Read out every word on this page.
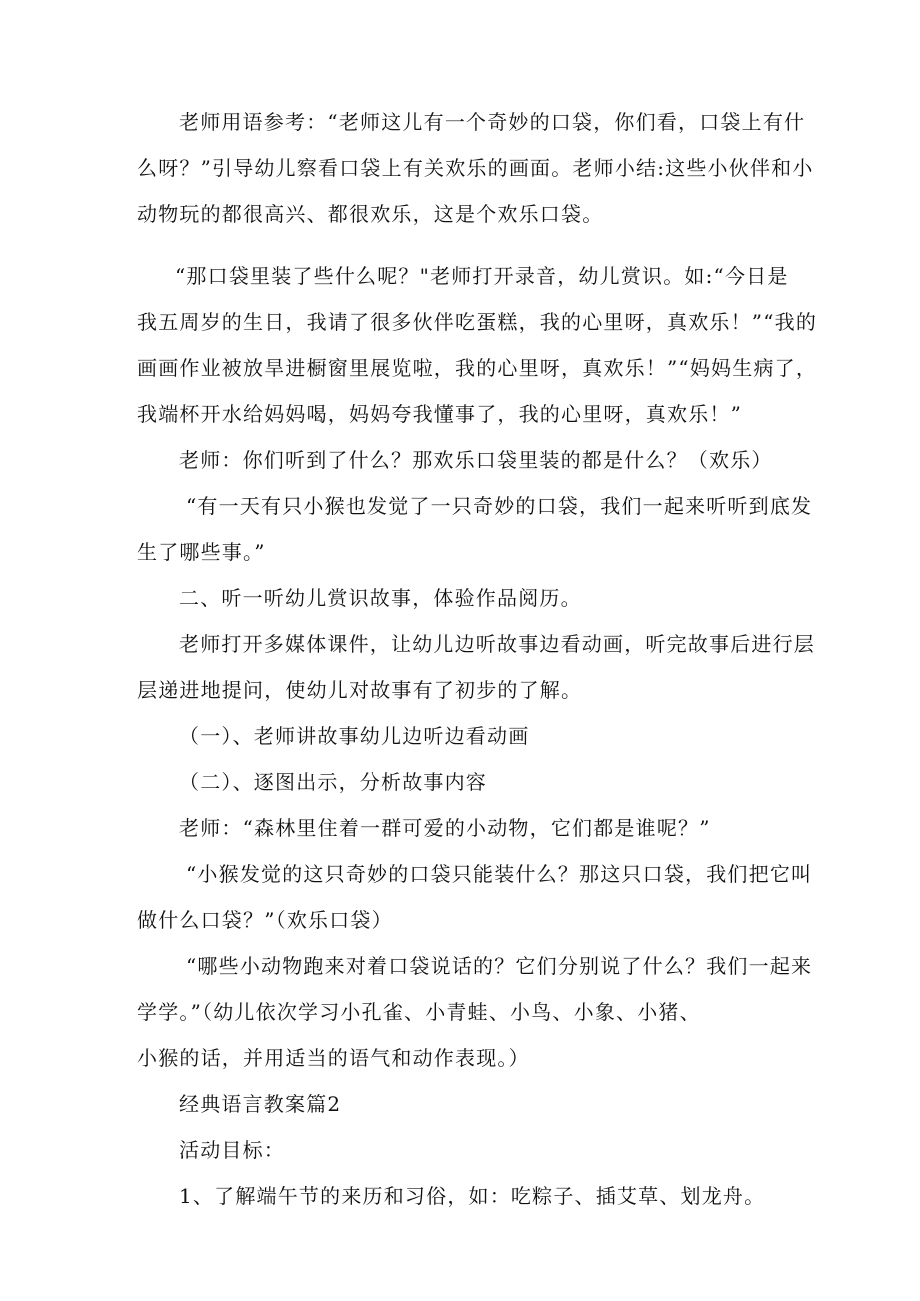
老师用语参考：“老师这儿有一个奇妙的口袋，你们看，口袋上有什

么呀？”引导幼儿察看口袋上有关欢乐的画面。老师小结:这些小伙伴和小

动物玩的都很高兴、都很欢乐，这是个欢乐口袋。

“那口袋里装了些什么呢？"老师打开录音，幼儿赏识。如:“今日是

我五周岁的生日，我请了很多伙伴吃蛋糕，我的心里呀，真欢乐！”“我的

画画作业被放旱进橱窗里展览啦，我的心里呀，真欢乐！”“妈妈生病了，

我端杯开水给妈妈喝，妈妈夸我懂事了，我的心里呀，真欢乐！”

老师：你们听到了什么？那欢乐口袋里装的都是什么？（欢乐）

“有一天有只小猴也发觉了一只奇妙的口袋，我们一起来听听到底发

生了哪些事。”

二、听一听幼儿赏识故事，体验作品阅历。

老师打开多媒体课件，让幼儿边听故事边看动画，听完故事后进行层

层递进地提问，使幼儿对故事有了初步的了解。

（一）、老师讲故事幼儿边听边看动画

（二）、逐图出示，分析故事内容

老师：“森林里住着一群可爱的小动物，它们都是谁呢？”

“小猴发觉的这只奇妙的口袋只能装什么？那这只口袋，我们把它叫

做什么口袋？”（欢乐口袋）

“哪些小动物跑来对着口袋说话的？它们分别说了什么？我们一起来

学学。”（幼儿依次学习小孔雀、小青蛙、小鸟、小象、小猪、

小猴的话，并用适当的语气和动作表现。）

经典语言教案篇2

活动目标：

1、了解端午节的来历和习俗，如：吃粽子、插艾草、划龙舟。
